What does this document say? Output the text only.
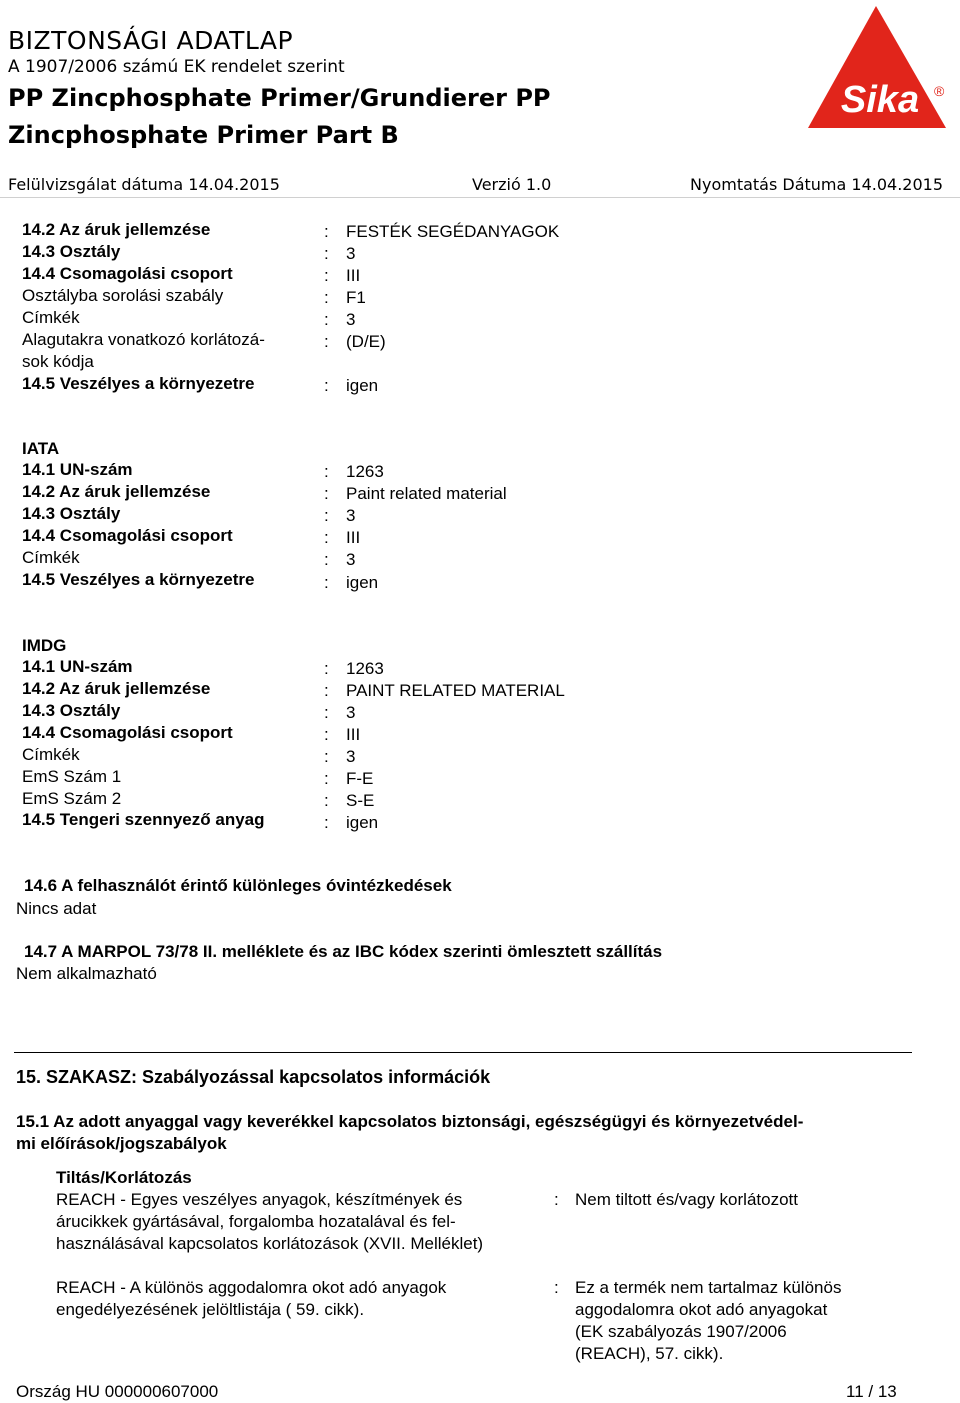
BIZTONSÁGI ADATLAP
A 1907/2006 számú EK rendelet szerint
PP Zincphosphate Primer/Grundierer PP
Zincphosphate Primer Part B
Felülvizsgálat dátuma 14.04.2015	Verzió 1.0	Nyomtatás Dátuma 14.04.2015
Sika ®
14.2 Az áruk jellemzése	: FESTÉK SEGÉDANYAGOK
14.3 Osztály	: 3
14.4 Csomagolási csoport	: III
Osztályba sorolási szabály	: F1
Címkék	: 3
Alagutakra vonatkozó korlátozá-
sok kódja
: (D/E)
14.5 Veszélyes a környezetre	: igen
IATA
14.1 UN-szám	: 1263
14.2 Az áruk jellemzése	: Paint related material
14.3 Osztály	: 3
14.4 Csomagolási csoport	: III
Címkék	: 3
14.5 Veszélyes a környezetre	: igen
IMDG
14.1 UN-szám	: 1263
14.2 Az áruk jellemzése	: PAINT RELATED MATERIAL
14.3 Osztály	: 3
14.4 Csomagolási csoport	: III
Címkék	: 3
EmS Szám 1	: F-E
EmS Szám 2	: S-E
14.5 Tengeri szennyező anyag	: igen
14.6 A felhasználót érintő különleges óvintézkedések
Nincs adat
14.7 A MARPOL 73/78 II. melléklete és az IBC kódex szerinti ömlesztett szállítás
Nem alkalmazható
15. SZAKASZ: Szabályozással kapcsolatos információk
15.1 Az adott anyaggal vagy keverékkel kapcsolatos biztonsági, egészségügyi és környezetvédel-
mi előírások/jogszabályok
Tiltás/Korlátozás
REACH - Egyes veszélyes anyagok, készítmények és
árucikkek gyártásával, forgalomba hozatalával és fel-
használásával kapcsolatos korlátozások (XVII. Melléklet)
: Nem tiltott és/vagy korlátozott
REACH - A különös aggodalomra okot adó anyagok
engedélyezésének jelöltlistája ( 59. cikk).
: Ez a termék nem tartalmaz különös
aggodalomra okot adó anyagokat
(EK szabályozás 1907/2006
(REACH), 57. cikk).
Ország HU 000000607000	11 / 13
